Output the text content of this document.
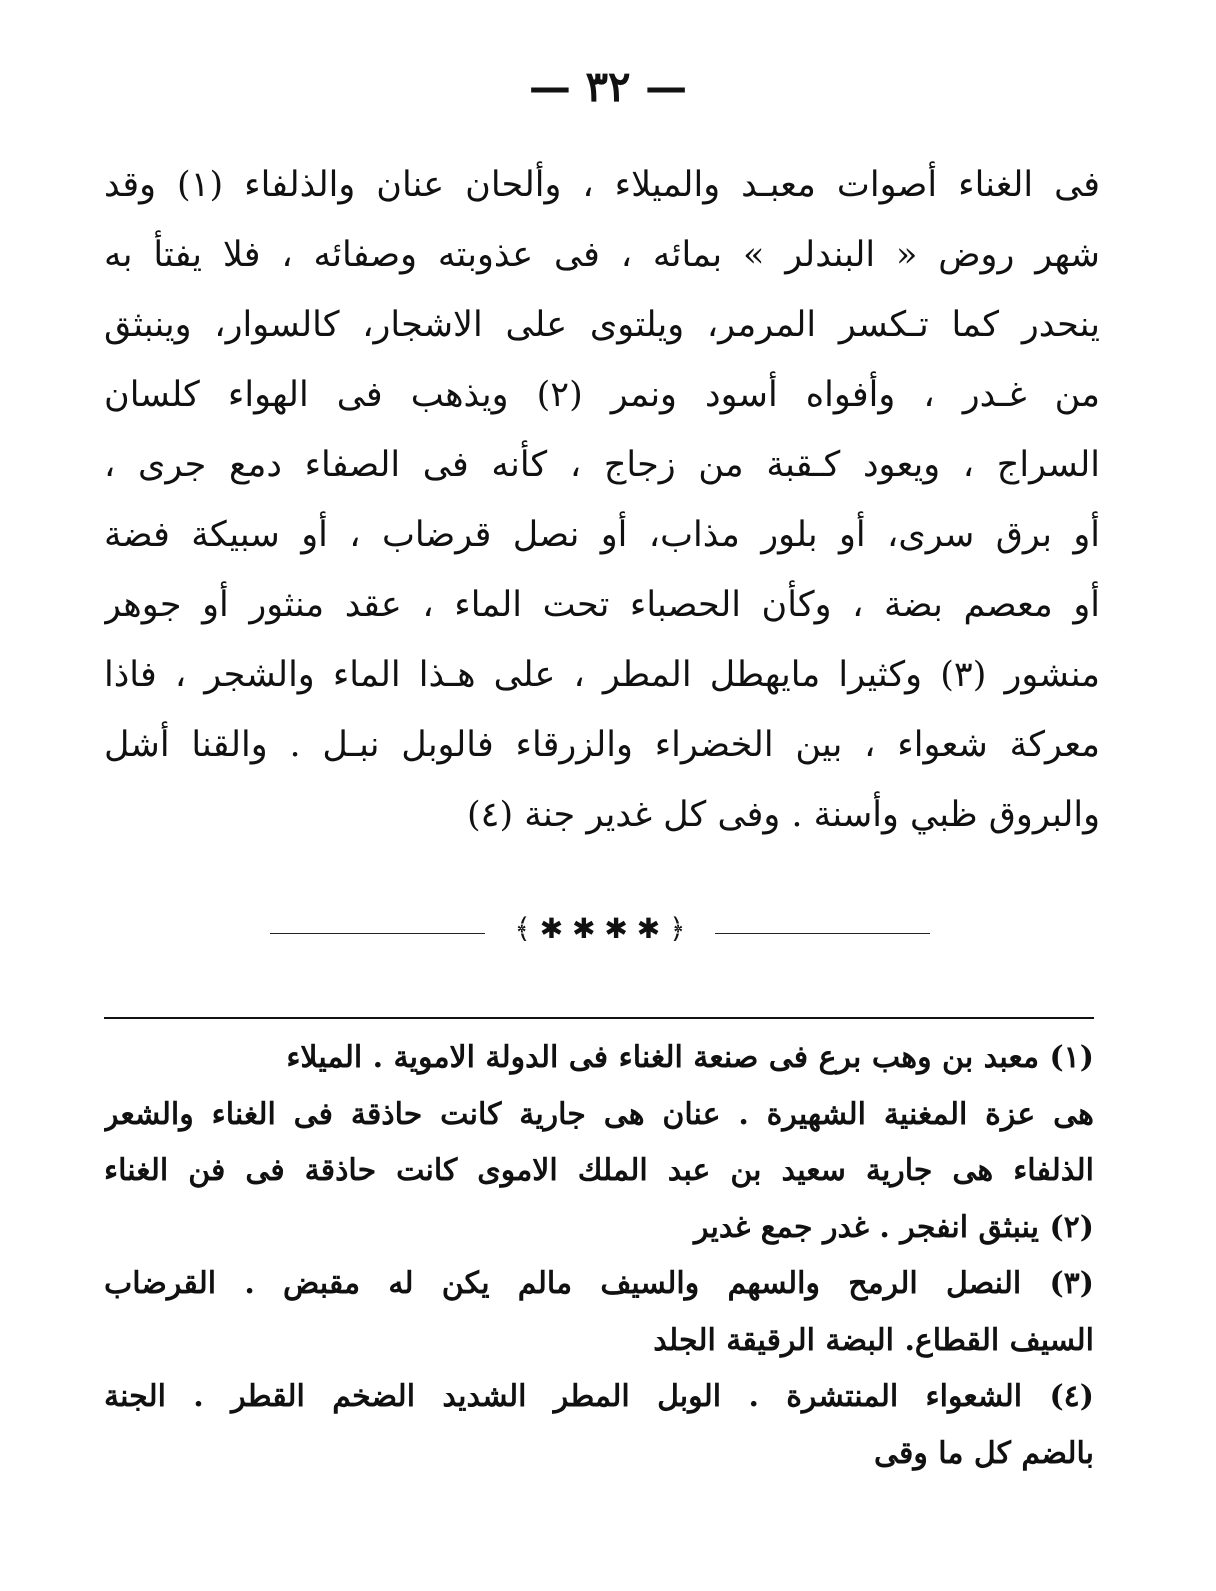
— ٣٢ —
فى الغناء أصوات معبـد والميلاء ، وألحان عنان والذلفاء (١) وقد
شهر روض « البندلر » بمائه ، فى عذوبته وصفائه ، فلا يفتأ به
ينحدر كما تـكسر المرمر، ويلتوى على الاشجار، كالسوار، وينبثق
من غـدر ، وأفواه أسود ونمر (٢) ويذهب فى الهواء كلسان
السراج ، ويعود كـقبة من زجاج ، كأنه فى الصفاء دمع جرى ،
أو برق سرى، أو بلور مذاب، أو نصل قرضاب ، أو سبيكة فضة
أو معصم بضة ، وكأن الحصباء تحت الماء ، عقد منثور أو جوهر
منشور (٣) وكثيرا مايهطل المطر ، على هـذا الماء والشجر ، فاذا
معركة شعواء ، بين الخضراء والزرقاء فالوبل نبـل . والقنا أشل
والبروق ظبي وأسنة . وفى كل غدير جنة (٤)
﴾ ✱ ✱ ✱ ✱ ﴿
(١) معبد بن وهب برع فى صنعة الغناء فى الدولة الاموية . الميلاء
هى عزة المغنية الشهيرة . عنان هى جارية كانت حاذقة فى الغناء والشعر
الذلفاء هى جارية سعيد بن عبد الملك الاموى كانت حاذقة فى فن الغناء
(٢) ينبثق انفجر . غدر جمع غدير
(٣) النصل الرمح والسهم والسيف مالم يكن له مقبض . القرضاب
السيف القطاع. البضة الرقيقة الجلد
(٤) الشعواء المنتشرة . الوبل المطر الشديد الضخم القطر . الجنة
بالضم كل ما وقى
